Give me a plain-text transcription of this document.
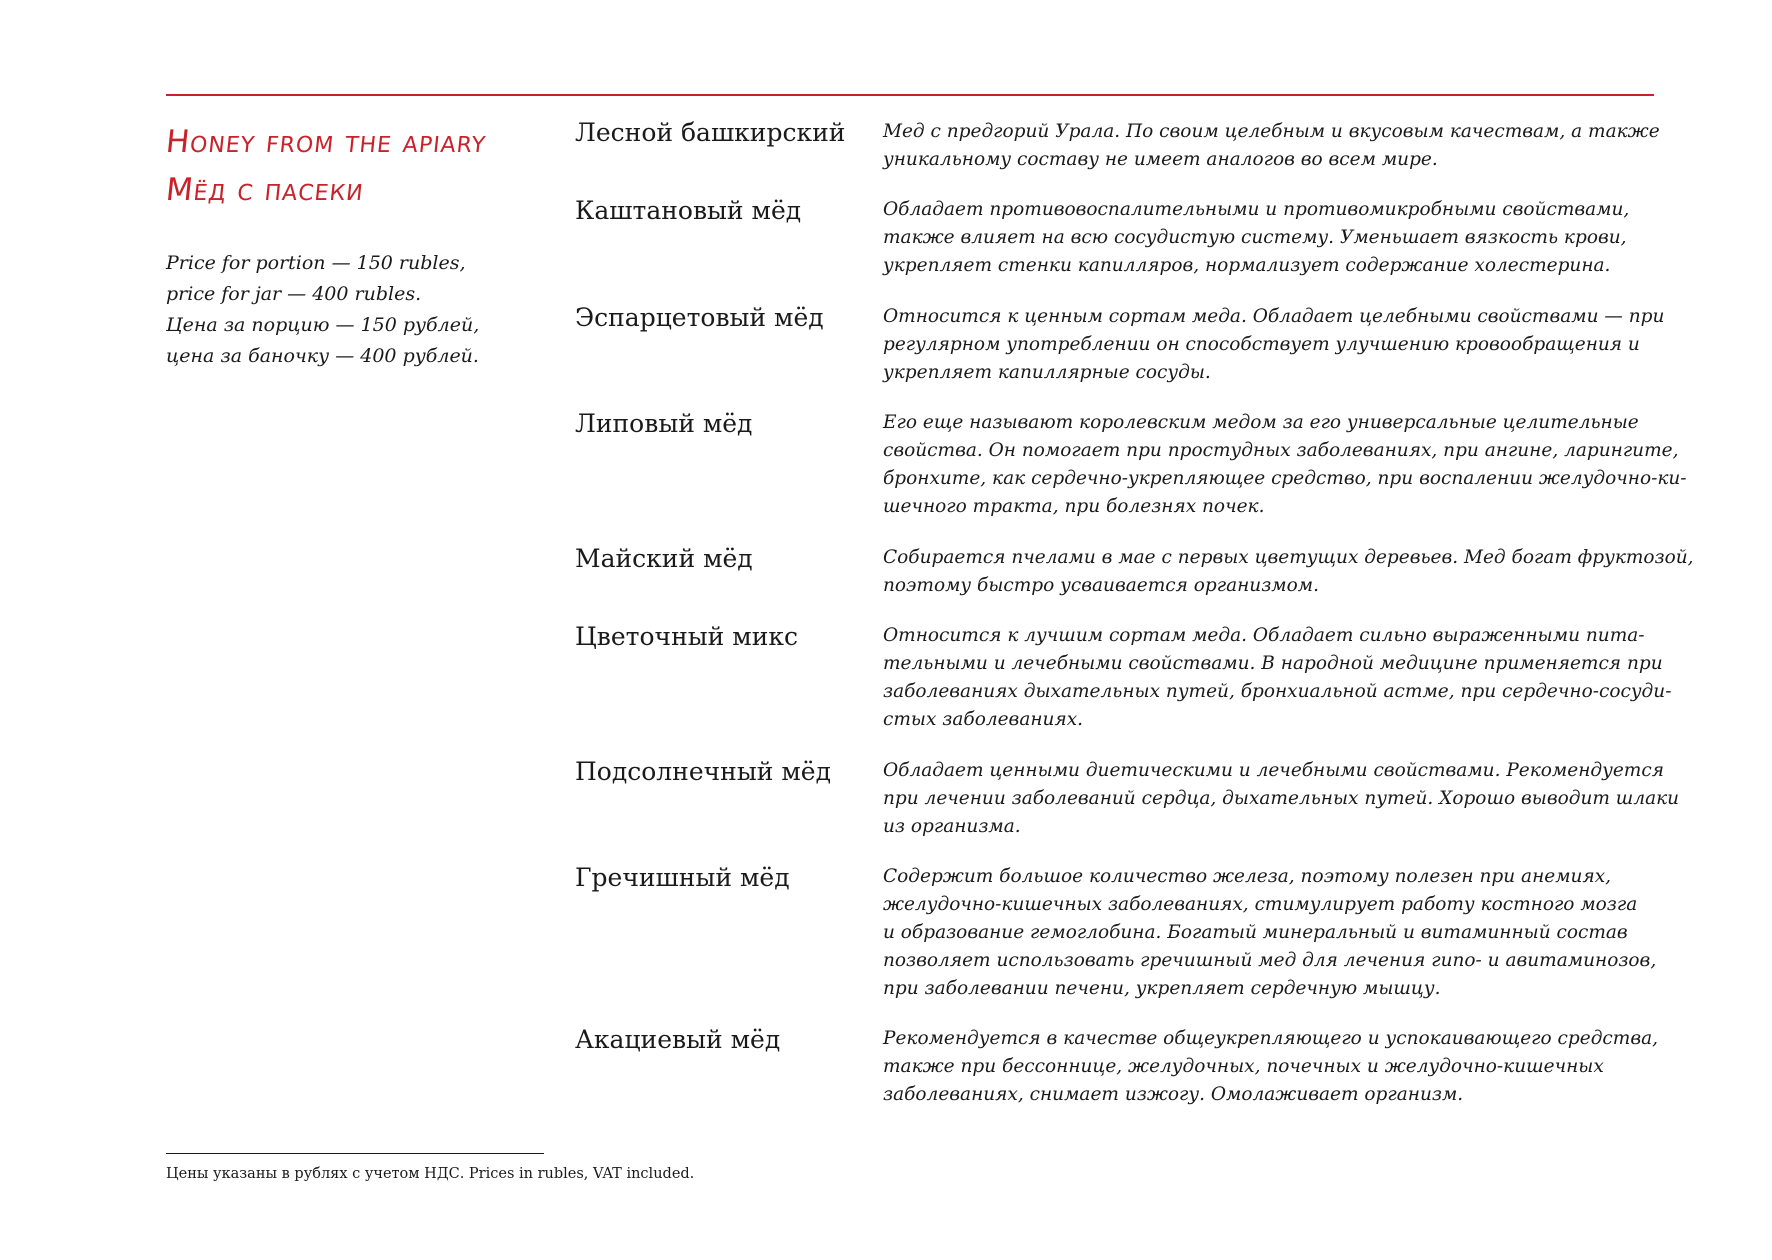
Honey from the apiary
Мёд с пасеки
Price for portion — 150 rubles,
price for jar — 400 rubles.
Цена за порцию — 150 рублей,
цена за баночку — 400 рублей.
Лесной башкирский	Мед с предгорий Урала. По своим целебным и вкусовым качествам, а также
уникальному составу не имеет аналогов во всем мире.
Каштановый мёд	Обладает противовоспалительными и противомикробными свойствами,
также влияет на всю сосудистую систему. Уменьшает вязкость крови,
укрепляет стенки капилляров, нормализует содержание холестерина.
Эспарцетовый мёд	Относится к ценным сортам меда. Обладает целебными свойствами — при
регулярном употреблении он способствует улучшению кровообращения и
укрепляет капиллярные сосуды.
Липовый мёд	Его еще называют королевским медом за его универсальные целительные
свойства. Он помогает при простудных заболеваниях, при ангине, ларингите,
бронхите, как сердечно-укрепляющее средство, при воспалении желудочно-ки-
шечного тракта, при болезнях почек.
Майский мёд	Собирается пчелами в мае с первых цветущих деревьев. Мед богат фруктозой,
поэтому быстро усваивается организмом.
Цветочный микс	Относится к лучшим сортам меда. Обладает сильно выраженными пита-
тельными и лечебными свойствами. В народной медицине применяется при
заболеваниях дыхательных путей, бронхиальной астме, при сердечно-сосуди-
стых заболеваниях.
Подсолнечный мёд	Обладает ценными диетическими и лечебными свойствами. Рекомендуется
при лечении заболеваний сердца, дыхательных путей. Хорошо выводит шлаки
из организма.
Гречишный мёд	Содержит большое количество железа, поэтому полезен при анемиях,
желудочно-кишечных заболеваниях, стимулирует работу костного мозга
и образование гемоглобина. Богатый минеральный и витаминный состав
позволяет использовать гречишный мед для лечения гипо- и авитаминозов,
при заболевании печени, укрепляет сердечную мышцу.
Акациевый мёд	Рекомендуется в качестве общеукрепляющего и успокаивающего средства,
также при бессоннице, желудочных, почечных и желудочно-кишечных
заболеваниях, снимает изжогу. Омолаживает организм.
Цены указаны в рублях с учетом НДС. Prices in rubles, VAT included.
